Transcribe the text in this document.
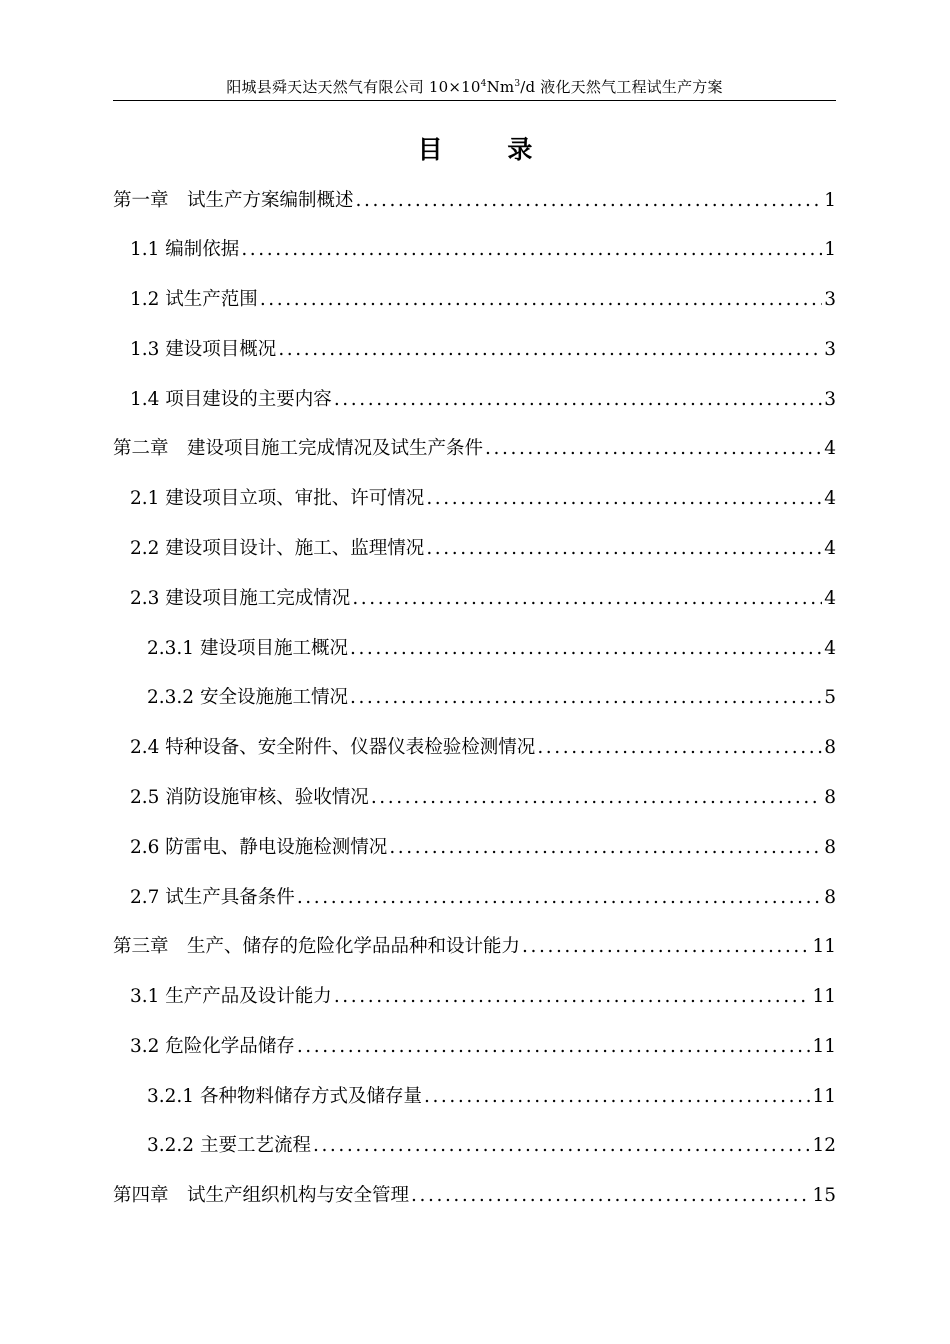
阳城县舜天达天然气有限公司 $10\times 10^4Nm^3/d$ 液化天然气工程试生产方案
目 录
第一章　试生产方案编制概述 .....	1
1.1 编制依据 .....	1
1.2 试生产范围 .....	3
1.3 建设项目概况 .....	3
1.4 项目建设的主要内容 .....	3
第二章　建设项目施工完成情况及试生产条件 .....	4
2.1 建设项目立项、审批、许可情况 .....	4
2.2 建设项目设计、施工、监理情况 .....	4
2.3 建设项目施工完成情况 .....	4
2.3.1 建设项目施工概况 .....	4
2.3.2 安全设施施工情况 .....	5
2.4 特种设备、安全附件、仪器仪表检验检测情况 .....	8
2.5 消防设施审核、验收情况 .....	8
2.6 防雷电、静电设施检测情况 .....	8
2.7 试生产具备条件 .....	8
第三章　生产、储存的危险化学品品种和设计能力 .....	11
3.1 生产产品及设计能力 .....	11
3.2 危险化学品储存 .....	11
3.2.1 各种物料储存方式及储存量 .....	11
3.2.2 主要工艺流程 .....	12
第四章　试生产组织机构与安全管理 .....	15
